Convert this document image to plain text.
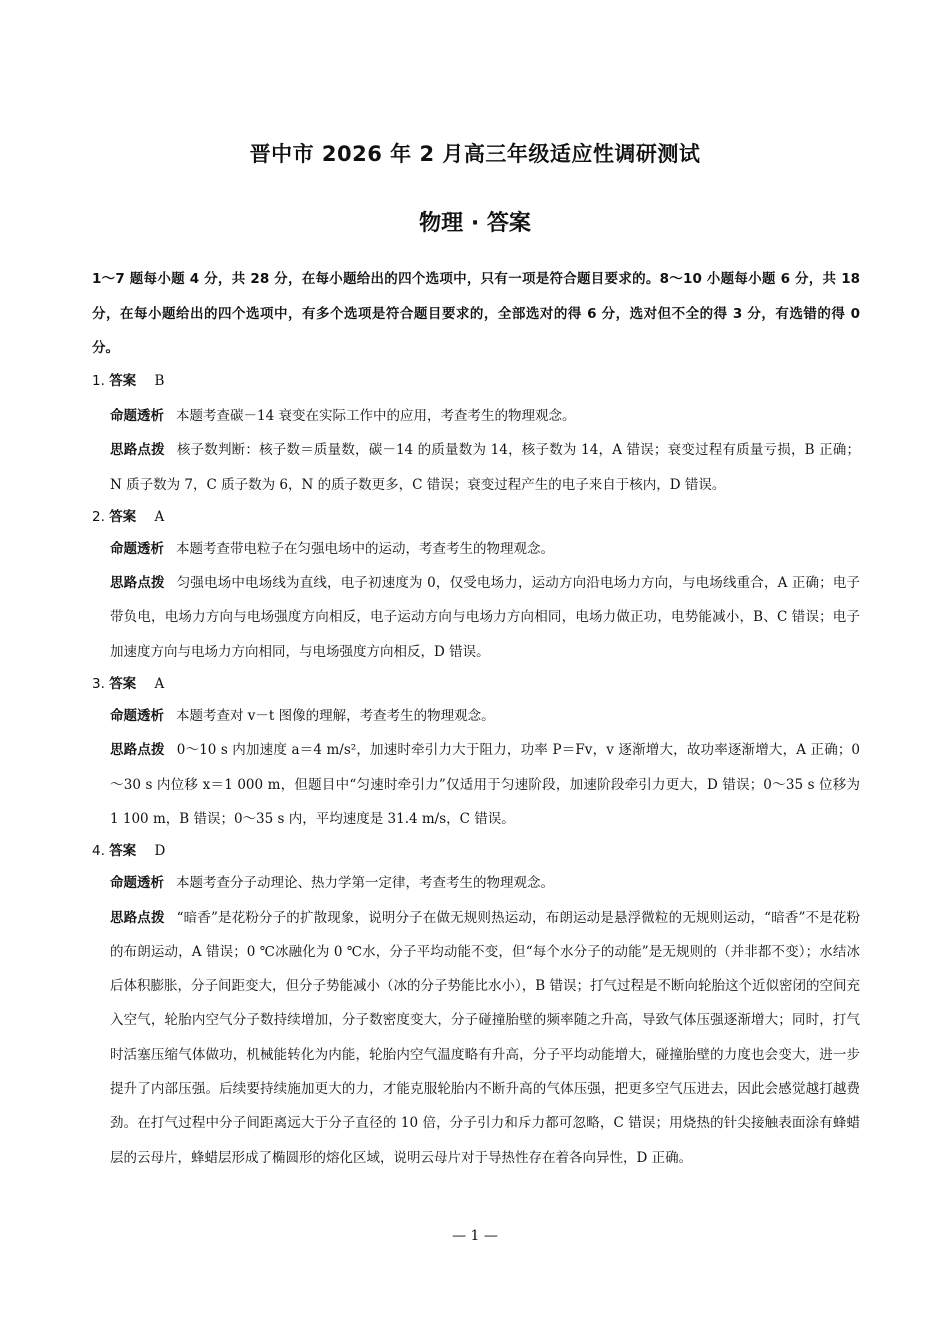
晋中市 2026 年 2 月高三年级适应性调研测试
物理 · 答案

1～7 题每小题 4 分，共 28 分，在每小题给出的四个选项中，只有一项是符合题目要求的。8～10 小题每小题 6 分，共 18 分，在每小题给出的四个选项中，有多个选项是符合题目要求的，全部选对的得 6 分，选对但不全的得 3 分，有选错的得 0 分。

1. 答案 B

命题透析 本题考查碳－14 衰变在实际工作中的应用，考查考生的物理观念。

思路点拨 核子数判断：核子数＝质量数，碳－14 的质量数为 14，核子数为 14，A 错误；衰变过程有质量亏损，B 正确；N 质子数为 7，C 质子数为 6，N 的质子数更多，C 错误；衰变过程产生的电子来自于核内，D 错误。

2. 答案 A

命题透析 本题考查带电粒子在匀强电场中的运动，考查考生的物理观念。

思路点拨 匀强电场中电场线为直线，电子初速度为 0，仅受电场力，运动方向沿电场力方向，与电场线重合，A 正确；电子带负电，电场力方向与电场强度方向相反，电子运动方向与电场力方向相同，电场力做正功，电势能减小，B、C 错误；电子加速度方向与电场力方向相同，与电场强度方向相反，D 错误。

3. 答案 A

命题透析 本题考查对 v－t 图像的理解，考查考生的物理观念。

思路点拨 0～10 s 内加速度 a＝4 m/s²，加速时牵引力大于阻力，功率 P＝Fv，v 逐渐增大，故功率逐渐增大，A 正确；0～30 s 内位移 x＝1 000 m，但题目中“匀速时牵引力”仅适用于匀速阶段，加速阶段牵引力更大，D 错误；0～35 s 位移为 1 100 m，B 错误；0～35 s 内，平均速度是 31.4 m/s，C 错误。

4. 答案 D

命题透析 本题考查分子动理论、热力学第一定律，考查考生的物理观念。

思路点拨 “暗香”是花粉分子的扩散现象，说明分子在做无规则热运动，布朗运动是悬浮微粒的无规则运动，“暗香”不是花粉的布朗运动，A 错误；0 ℃冰融化为 0 ℃水，分子平均动能不变，但“每个水分子的动能”是无规则的（并非都不变）；水结冰后体积膨胀，分子间距变大，但分子势能减小（冰的分子势能比水小），B 错误；打气过程是不断向轮胎这个近似密闭的空间充入空气，轮胎内空气分子数持续增加，分子数密度变大，分子碰撞胎壁的频率随之升高，导致气体压强逐渐增大；同时，打气时活塞压缩气体做功，机械能转化为内能，轮胎内空气温度略有升高，分子平均动能增大，碰撞胎壁的力度也会变大，进一步提升了内部压强。后续要持续施加更大的力，才能克服轮胎内不断升高的气体压强，把更多空气压进去，因此会感觉越打越费劲。在打气过程中分子间距离远大于分子直径的 10 倍，分子引力和斥力都可忽略，C 错误；用烧热的针尖接触表面涂有蜂蜡层的云母片，蜂蜡层形成了椭圆形的熔化区域，说明云母片对于导热性存在着各向异性，D 正确。

— 1 —
